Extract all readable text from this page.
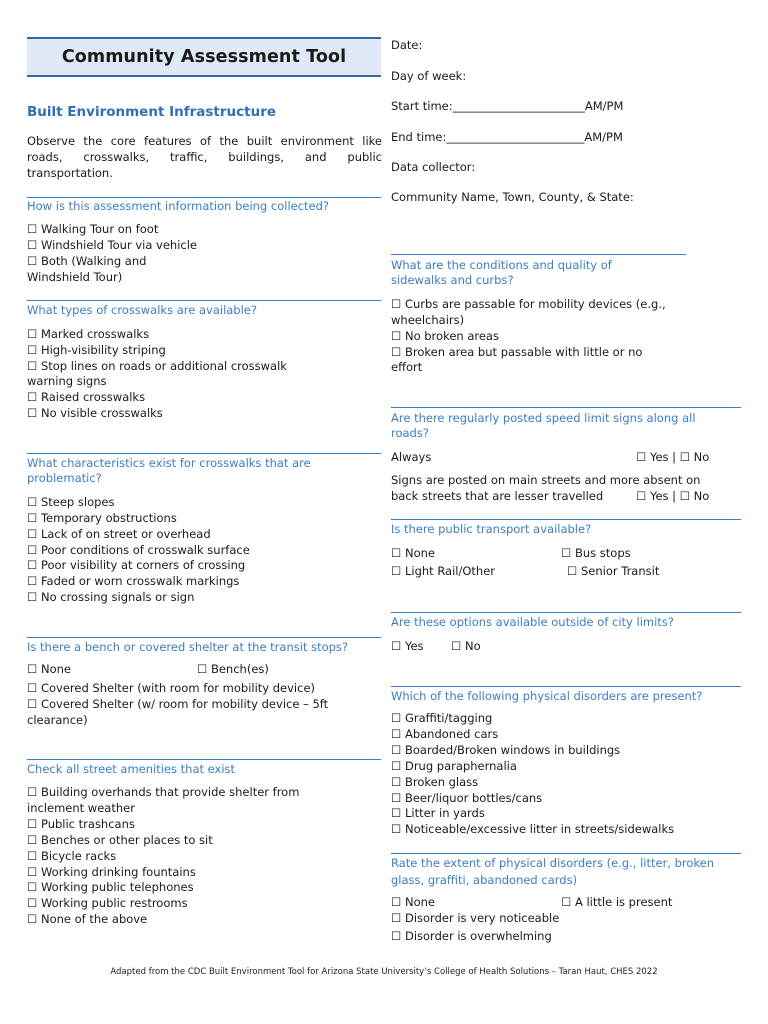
Community Assessment Tool
Built Environment Infrastructure
Observe the core features of the built environment like roads, crosswalks, traffic, buildings, and public transportation.
Date:
Day of week:
Start time:_______________________AM/PM
End time:________________________AM/PM
Data collector:
Community Name, Town, County, & State:
How is this assessment information being collected?
☐ Walking Tour on foot
☐ Windshield Tour via vehicle
☐ Both (Walking and
Windshield Tour)
What types of crosswalks are available?
☐ Marked crosswalks
☐ High-visibility striping
☐ Stop lines on roads or additional crosswalk
warning signs
☐ Raised crosswalks
☐ No visible crosswalks
What characteristics exist for crosswalks that are
problematic?
☐ Steep slopes
☐ Temporary obstructions
☐ Lack of on street or overhead
☐ Poor conditions of crosswalk surface
☐ Poor visibility at corners of crossing
☐ Faded or worn crosswalk markings
☐ No crossing signals or sign
Is there a bench or covered shelter at the transit stops?
☐ None	☐ Bench(es)
☐ Covered Shelter (with room for mobility device)
☐ Covered Shelter (w/ room for mobility device – 5ft
clearance)
Check all street amenities that exist
☐ Building overhands that provide shelter from
inclement weather
☐ Public trashcans
☐ Benches or other places to sit
☐ Bicycle racks
☐ Working drinking fountains
☐ Working public telephones
☐ Working public restrooms
☐ None of the above
What are the conditions and quality of
sidewalks and curbs?
☐ Curbs are passable for mobility devices (e.g.,
wheelchairs)
☐ No broken areas
☐ Broken area but passable with little or no
effort
Are there regularly posted speed limit signs along all
roads?
Always	☐ Yes | ☐ No
Signs are posted on main streets and more absent on
back streets that are lesser travelled	☐ Yes | ☐ No
Is there public transport available?
☐ None	☐ Bus stops
☐ Light Rail/Other	☐ Senior Transit
Are these options available outside of city limits?
☐ Yes ☐ No
Which of the following physical disorders are present?
☐ Graffiti/tagging
☐ Abandoned cars
☐ Boarded/Broken windows in buildings
☐ Drug paraphernalia
☐ Broken glass
☐ Beer/liquor bottles/cans
☐ Litter in yards
☐ Noticeable/excessive litter in streets/sidewalks
Rate the extent of physical disorders (e.g., litter, broken
glass, graffiti, abandoned cards)
☐ None	☐ A little is present
☐ Disorder is very noticeable
☐ Disorder is overwhelming
Adapted from the CDC Built Environment Tool for Arizona State University’s College of Health Solutions – Taran Haut, CHES 2022
